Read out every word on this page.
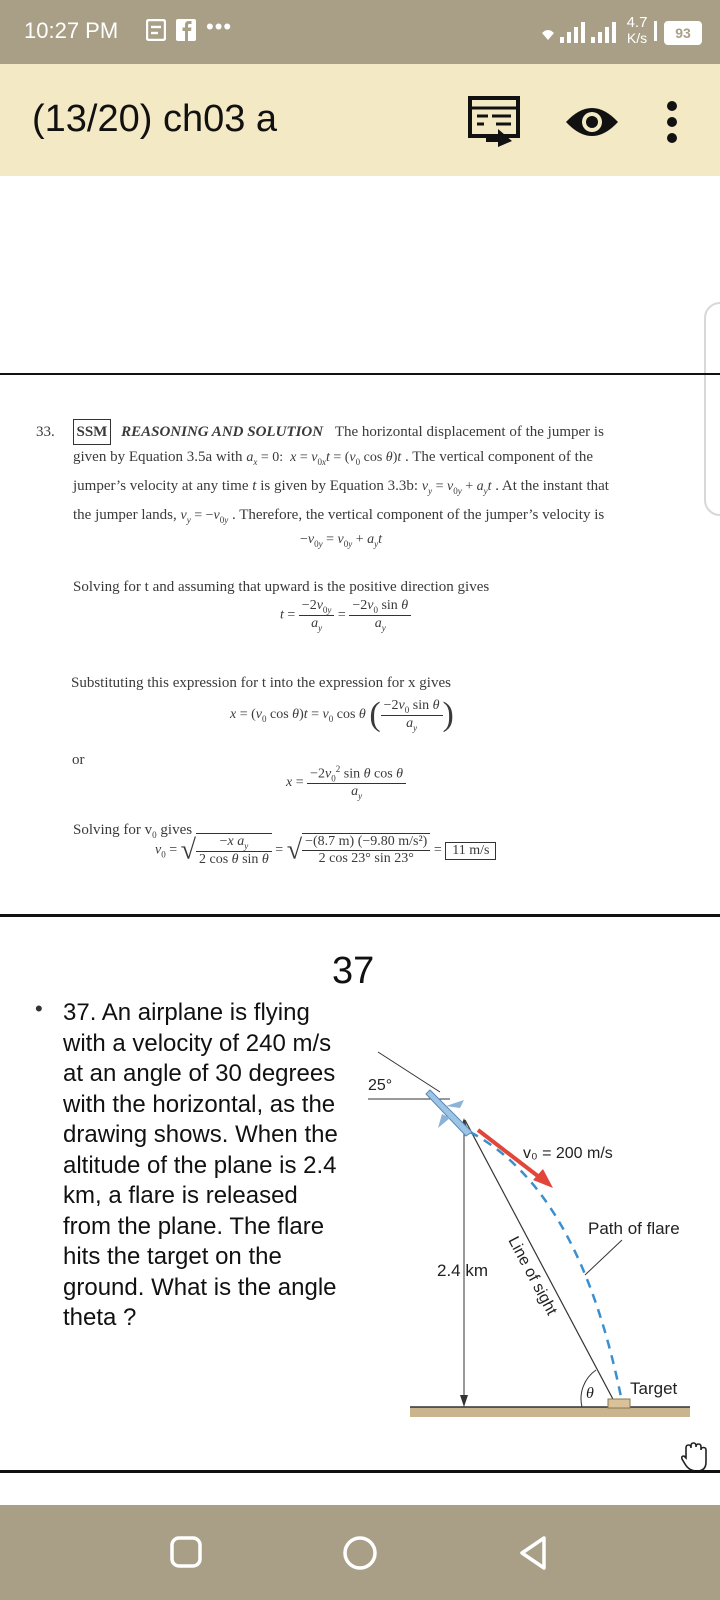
10:27 PM	•••	4.7
K/s	93
(13/20) ch03 a
33. SSM REASONING AND SOLUTION The horizontal displacement of the jumper is
given by Equation 3.5a with $a_x = 0$:  $x = v_{0x}t = (v_0$ cos θ)t . The vertical component of the
jumper’s velocity at any time t is given by Equation 3.3b: $v_y = v_{0y} + a_yt$ . At the instant that
the jumper lands, $v_y = -v_{0y}$ . Therefore, the vertical component of the jumper’s velocity is
$-v_{0y} = v_{0y} + a_yt$
Solving for t and assuming that upward is the positive direction gives
$t = \frac{-2v_{0y}}{a_y} = \frac{-2v_0 \sin \theta}{a_y}$
Substituting this expression for t into the expression for x gives
$x = (v_0$ $\cos \theta)t = v_0$ cos θ ( $\frac{-2v_0 \sin \theta}{a_y}$ )
or
$x = \frac{-2v_0^2 \sin \theta \cos \theta}{a_y}$
Solving for $v_0$ gives
$v_0$ = √ $\frac{-x a_y}{\text{2 cos θ sin θ}}$ = √ $\frac{\text{−(8.7 m) (−9.80 m/s²)}}{2 \cos 23^\circ \sin 23^\circ} = 11$ m/s
37
• 37. An airplane is flying
with a velocity of 240 m/s
at an angle of 30 degrees
with the horizontal, as the
drawing shows. When the
altitude of the plane is 2.4
km, a flare is released
from the plane. The flare
hits the target on the
ground. What is the angle
theta ?
25°
v₀ = 200 m/s
Path of flare
2.4 km Line of sight
θ Target
